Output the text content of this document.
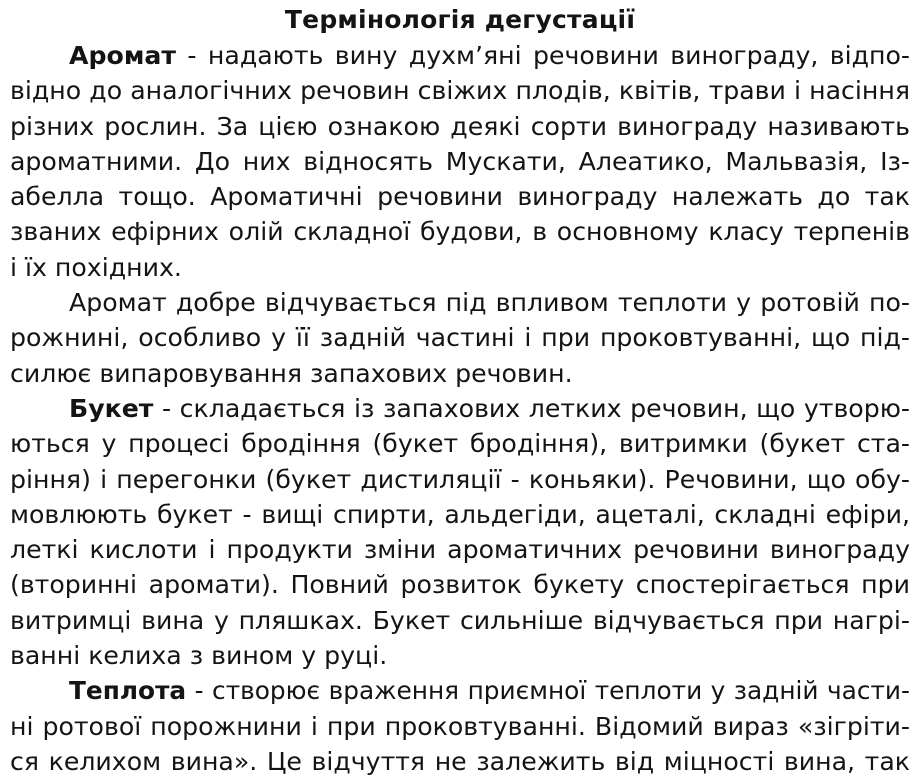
Термінологія дегустації
Аромат - надають вину духм’яні речовини винограду, відпо-
відно до аналогічних речовин свіжих плодів, квітів, трави і насіння
різних рослин. За цією ознакою деякі сорти винограду називають
ароматними. До них відносять Мускати, Алеатико, Мальвазія, Із-
абелла тощо. Ароматичні речовини винограду належать до так
званих ефірних олій складної будови, в основному класу терпенів
і їх похідних.
Аромат добре відчувається під впливом теплоти у ротовій по-
рожнині, особливо у її задній частині і при проковтуванні, що під-
силює випаровування запахових речовин.
Букет - складається із запахових летких речовин, що утворю-
ються у процесі бродіння (букет бродіння), витримки (букет ста-
ріння) і перегонки (букет дистиляції - коньяки). Речовини, що обу-
мовлюють букет - вищі спирти, альдегіди, ацеталі, складні ефіри,
леткі кислоти і продукти зміни ароматичних речовини винограду
(вторинні аромати). Повний розвиток букету спостерігається при
витримці вина у пляшках. Букет сильніше відчувається при нагрі-
ванні келиха з вином у руці.
Теплота - створює враження приємної теплоти у задній части-
ні ротової порожнини і при проковтуванні. Відомий вираз «зігріти-
ся келихом вина». Це відчуття не залежить від міцності вина, так
